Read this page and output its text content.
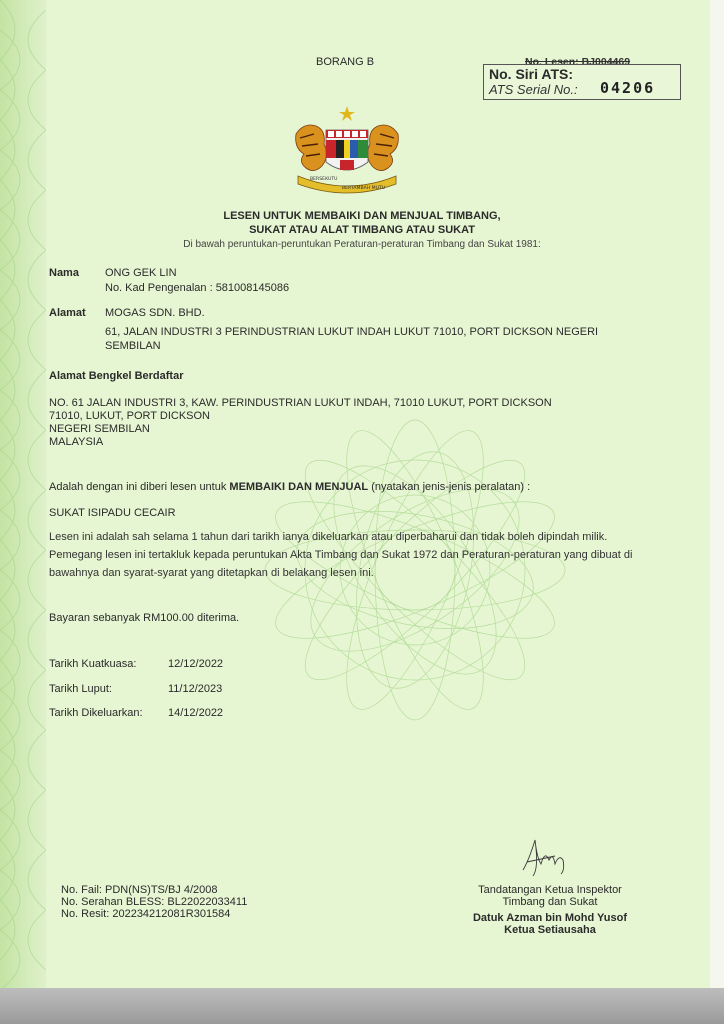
BORANG B	No. Lesen: BJ004469
No. Siri ATS:
ATS Serial No.: 04206
BERSEKUTU
BERTAMBAH MUTU
LESEN UNTUK MEMBAIKI DAN MENJUAL TIMBANG,
SUKAT ATAU ALAT TIMBANG ATAU SUKAT
Di bawah peruntukan-peruntukan Peraturan-peraturan Timbang dan Sukat 1981:
Nama ONG GEK LIN
No. Kad Pengenalan : 581008145086
Alamat MOGAS SDN. BHD.
61, JALAN INDUSTRI 3 PERINDUSTRIAN LUKUT INDAH LUKUT 71010, PORT DICKSON NEGERI
SEMBILAN
Alamat Bengkel Berdaftar
NO. 61 JALAN INDUSTRI 3, KAW. PERINDUSTRIAN LUKUT INDAH, 71010 LUKUT, PORT DICKSON
71010, LUKUT, PORT DICKSON
NEGERI SEMBILAN
MALAYSIA
Adalah dengan ini diberi lesen untuk MEMBAIKI DAN MENJUAL (nyatakan jenis-jenis peralatan) :
SUKAT ISIPADU CECAIR
Lesen ini adalah sah selama 1 tahun dari tarikh ianya dikeluarkan atau diperbaharui dan tidak boleh dipindah milik. Pemegang lesen ini tertakluk kepada peruntukan Akta Timbang dan Sukat 1972 dan Peraturan-peraturan yang dibuat di bawahnya dan syarat-syarat yang ditetapkan di belakang lesen ini.
Bayaran sebanyak RM100.00 diterima.
Tarikh Kuatkuasa:	12/12/2022
Tarikh Luput:	11/12/2023
Tarikh Dikeluarkan: 14/12/2022
No. Fail: PDN(NS)TS/BJ 4/2008
No. Serahan BLESS: BL22022033411
No. Resit: 202234212081R301584
Tandatangan Ketua Inspektor
Timbang dan Sukat
Datuk Azman bin Mohd Yusof
Ketua Setiausaha
